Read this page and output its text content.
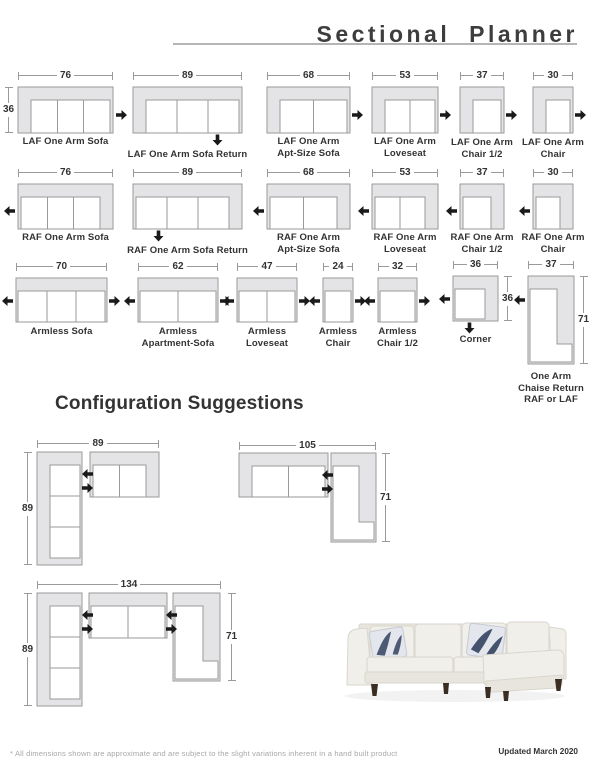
Sectional Planner
Configuration Suggestions
* All dimensions shown are approximate and are subject to the slight variations inherent in a hand built product	Updated March 2020
76
36
LAF One Arm Sofa
89
LAF One Arm Sofa Return
68
LAF One Arm
Apt-Size Sofa
53
LAF One Arm
Loveseat
37
LAF One Arm
Chair 1/2
30
LAF One Arm
Chair
76
RAF One Arm Sofa
89
RAF One Arm Sofa Return
68
RAF One Arm
Apt-Size Sofa
53
RAF One Arm
Loveseat
37
RAF One Arm
Chair 1/2
30
RAF One Arm
Chair
70
Armless Sofa
62
Armless
Apartment-Sofa
47
Armless
Loveseat
24
Armless
Chair
32
Armless
Chair 1/2
36
36
Corner
37
71
One Arm
Chaise Return
RAF or LAF
89
89
105
71
134
89
71
